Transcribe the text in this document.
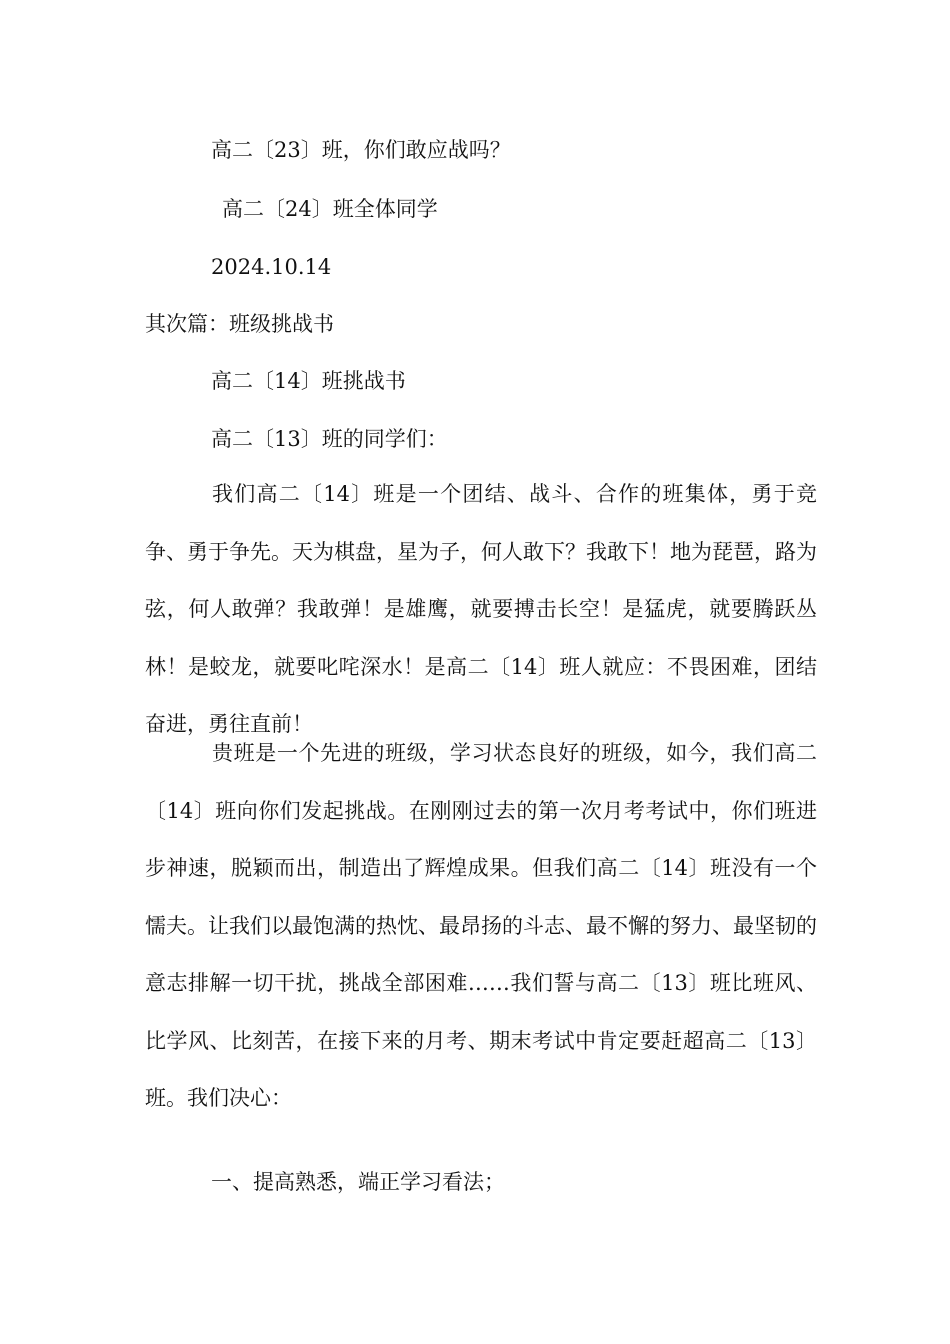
高二〔23〕班，你们敢应战吗？
高二〔24〕班全体同学
2024.10.14
其次篇：班级挑战书
高二〔14〕班挑战书
高二〔13〕班的同学们：
我们高二〔14〕班是一个团结、战斗、合作的班集体，勇于竞争、勇于争先。天为棋盘，星为子，何人敢下？我敢下！地为琵琶，路为弦，何人敢弹？我敢弹！是雄鹰，就要搏击长空！是猛虎，就要腾跃丛林！是蛟龙，就要叱咤深水！是高二〔14〕班人就应：不畏困难，团结奋进，勇往直前！
贵班是一个先进的班级，学习状态良好的班级，如今，我们高二〔14〕班向你们发起挑战。在刚刚过去的第一次月考考试中，你们班进步神速，脱颖而出，制造出了辉煌成果。但我们高二〔14〕班没有一个懦夫。让我们以最饱满的热忱、最昂扬的斗志、最不懈的努力、最坚韧的意志排解一切干扰，挑战全部困难……我们誓与高二〔13〕班比班风、比学风、比刻苦，在接下来的月考、期末考试中肯定要赶超高二〔13〕班。我们决心：
一、提高熟悉，端正学习看法；
